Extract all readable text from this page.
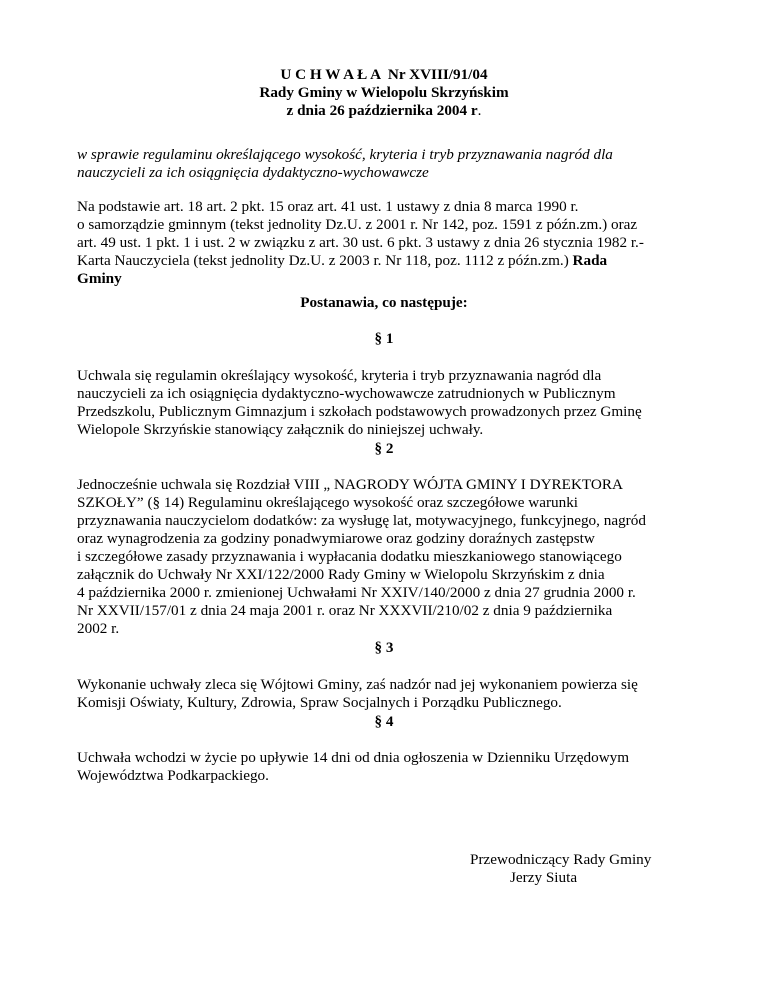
U C H W A Ł A  Nr XVIII/91/04
Rady Gminy w Wielopolu Skrzyńskim
z dnia 26 października 2004 r.
w sprawie regulaminu określającego wysokość, kryteria i tryb przyznawania nagród dla
nauczycieli za ich osiągnięcia dydaktyczno-wychowawcze
Na podstawie art. 18 art. 2 pkt. 15 oraz art. 41 ust. 1 ustawy z dnia 8 marca 1990 r.
o samorządzie gminnym (tekst jednolity Dz.U. z 2001 r. Nr 142, poz. 1591 z późn.zm.) oraz
art. 49 ust. 1 pkt. 1 i ust. 2 w związku z art. 30 ust. 6 pkt. 3 ustawy z dnia 26 stycznia 1982 r.-
Karta Nauczyciela (tekst jednolity Dz.U. z 2003 r. Nr 118, poz. 1112 z późn.zm.) Rada
Gminy
Postanawia, co następuje:
§ 1
Uchwala się regulamin określający wysokość, kryteria i tryb przyznawania nagród dla
nauczycieli za ich osiągnięcia dydaktyczno-wychowawcze zatrudnionych w Publicznym
Przedszkolu, Publicznym Gimnazjum i szkołach podstawowych prowadzonych przez Gminę
Wielopole Skrzyńskie stanowiący załącznik do niniejszej uchwały.
§ 2
Jednocześnie uchwala się Rozdział VIII „ NAGRODY WÓJTA GMINY I DYREKTORA
SZKOŁY” (§ 14) Regulaminu określającego wysokość oraz szczegółowe warunki
przyznawania nauczycielom dodatków: za wysługę lat, motywacyjnego, funkcyjnego, nagród
oraz wynagrodzenia za godziny ponadwymiarowe oraz godziny doraźnych zastępstw
i szczegółowe zasady przyznawania i wypłacania dodatku mieszkaniowego stanowiącego
załącznik do Uchwały Nr XXI/122/2000 Rady Gminy w Wielopolu Skrzyńskim z dnia
4 października 2000 r. zmienionej Uchwałami Nr XXIV/140/2000 z dnia 27 grudnia 2000 r.
Nr XXVII/157/01 z dnia 24 maja 2001 r. oraz Nr XXXVII/210/02 z dnia 9 października
2002 r.
§ 3
Wykonanie uchwały zleca się Wójtowi Gminy, zaś nadzór nad jej wykonaniem powierza się
Komisji Oświaty, Kultury, Zdrowia, Spraw Socjalnych i Porządku Publicznego.
§ 4
Uchwała wchodzi w życie po upływie 14 dni od dnia ogłoszenia w Dzienniku Urzędowym
Województwa Podkarpackiego.
Przewodniczący Rady Gminy
Jerzy Siuta
